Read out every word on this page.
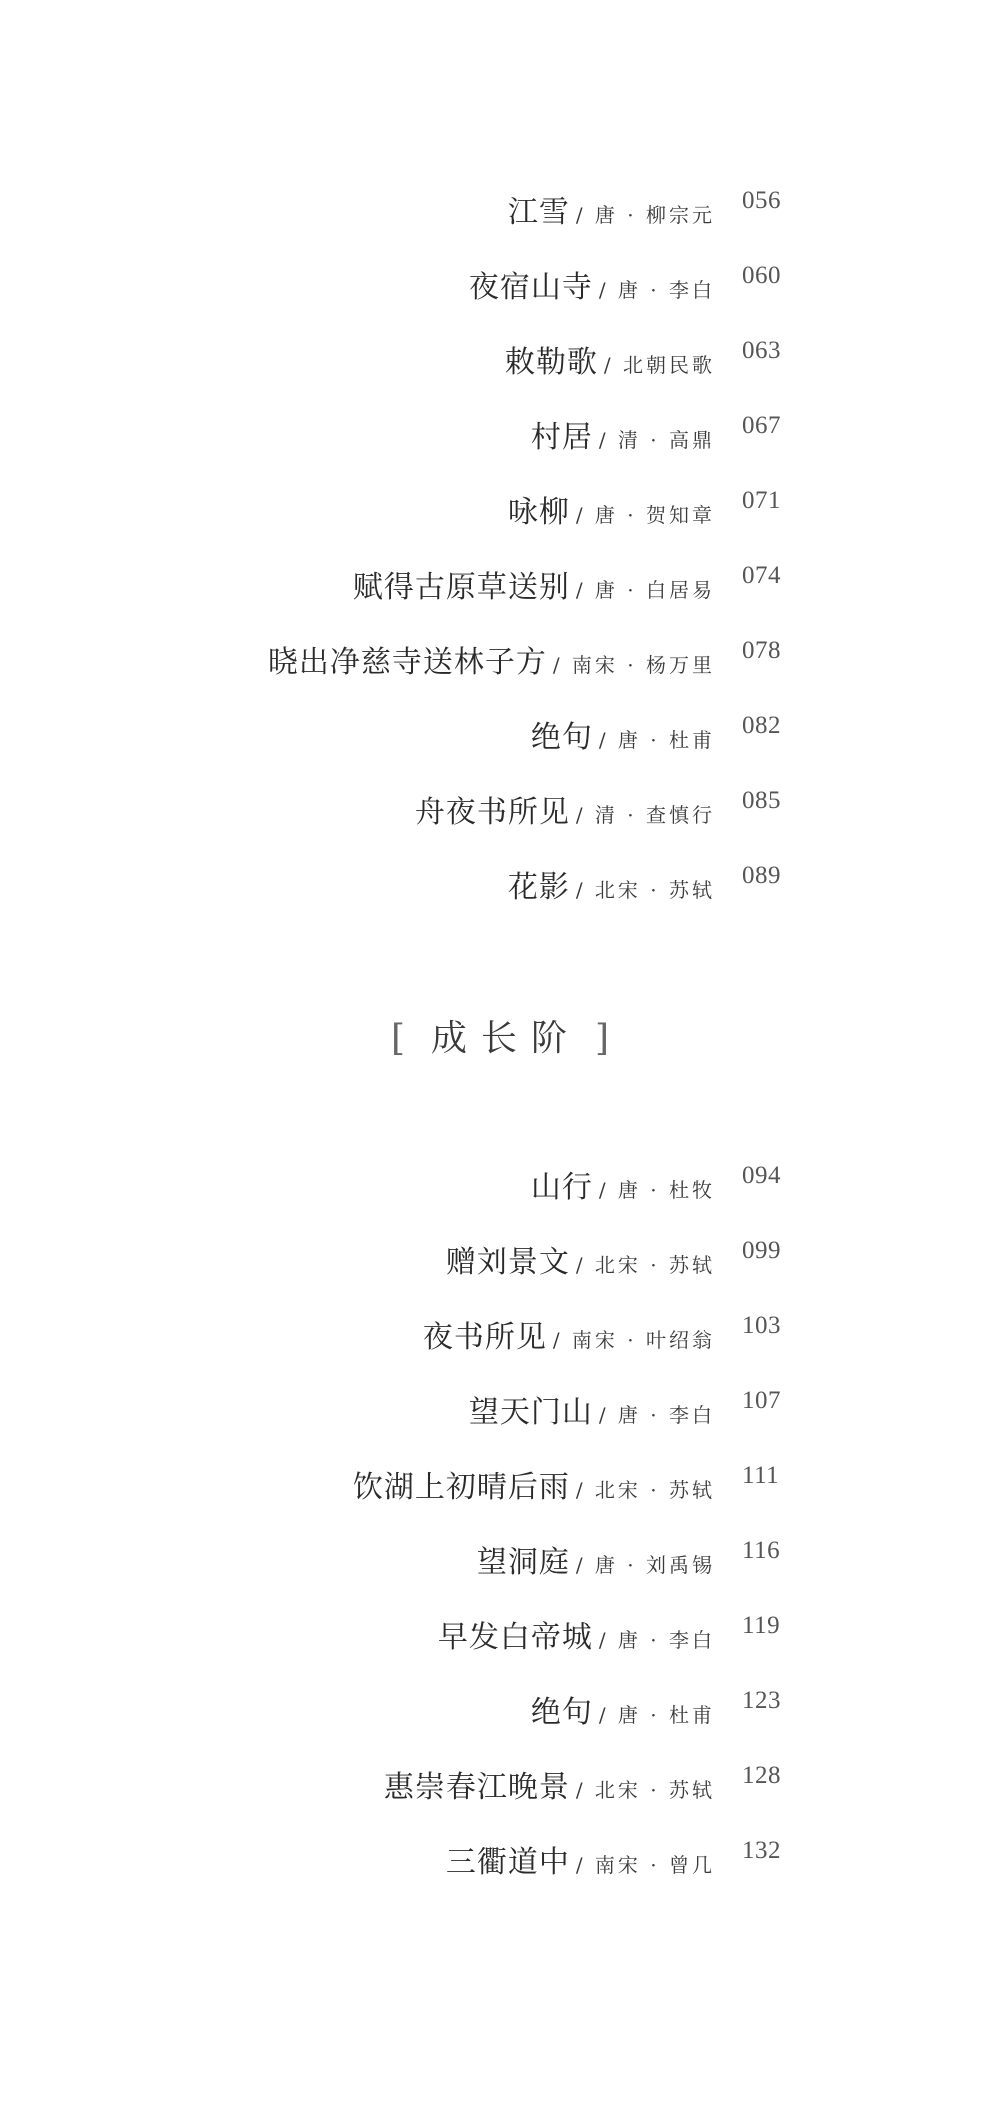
江雪 / 唐 · 柳宗元
056
夜宿山寺 / 唐 · 李白
060
敕勒歌 / 北朝民歌
063
村居 / 清 · 高鼎
067
咏柳 / 唐 · 贺知章
071
赋得古原草送别 / 唐 · 白居易
074
晓出净慈寺送林子方 / 南宋 · 杨万里
078
绝句 / 唐 · 杜甫
082
舟夜书所见 / 清 · 查慎行
085
花影 / 北宋 · 苏轼
089
[ 成长阶 ]
山行 / 唐 · 杜牧
094
赠刘景文 / 北宋 · 苏轼
099
夜书所见 / 南宋 · 叶绍翁
103
望天门山 / 唐 · 李白
107
饮湖上初晴后雨 / 北宋 · 苏轼
111
望洞庭 / 唐 · 刘禹锡
116
早发白帝城 / 唐 · 李白
119
绝句 / 唐 · 杜甫
123
惠崇春江晚景 / 北宋 · 苏轼
128
三衢道中 / 南宋 · 曾几
132
